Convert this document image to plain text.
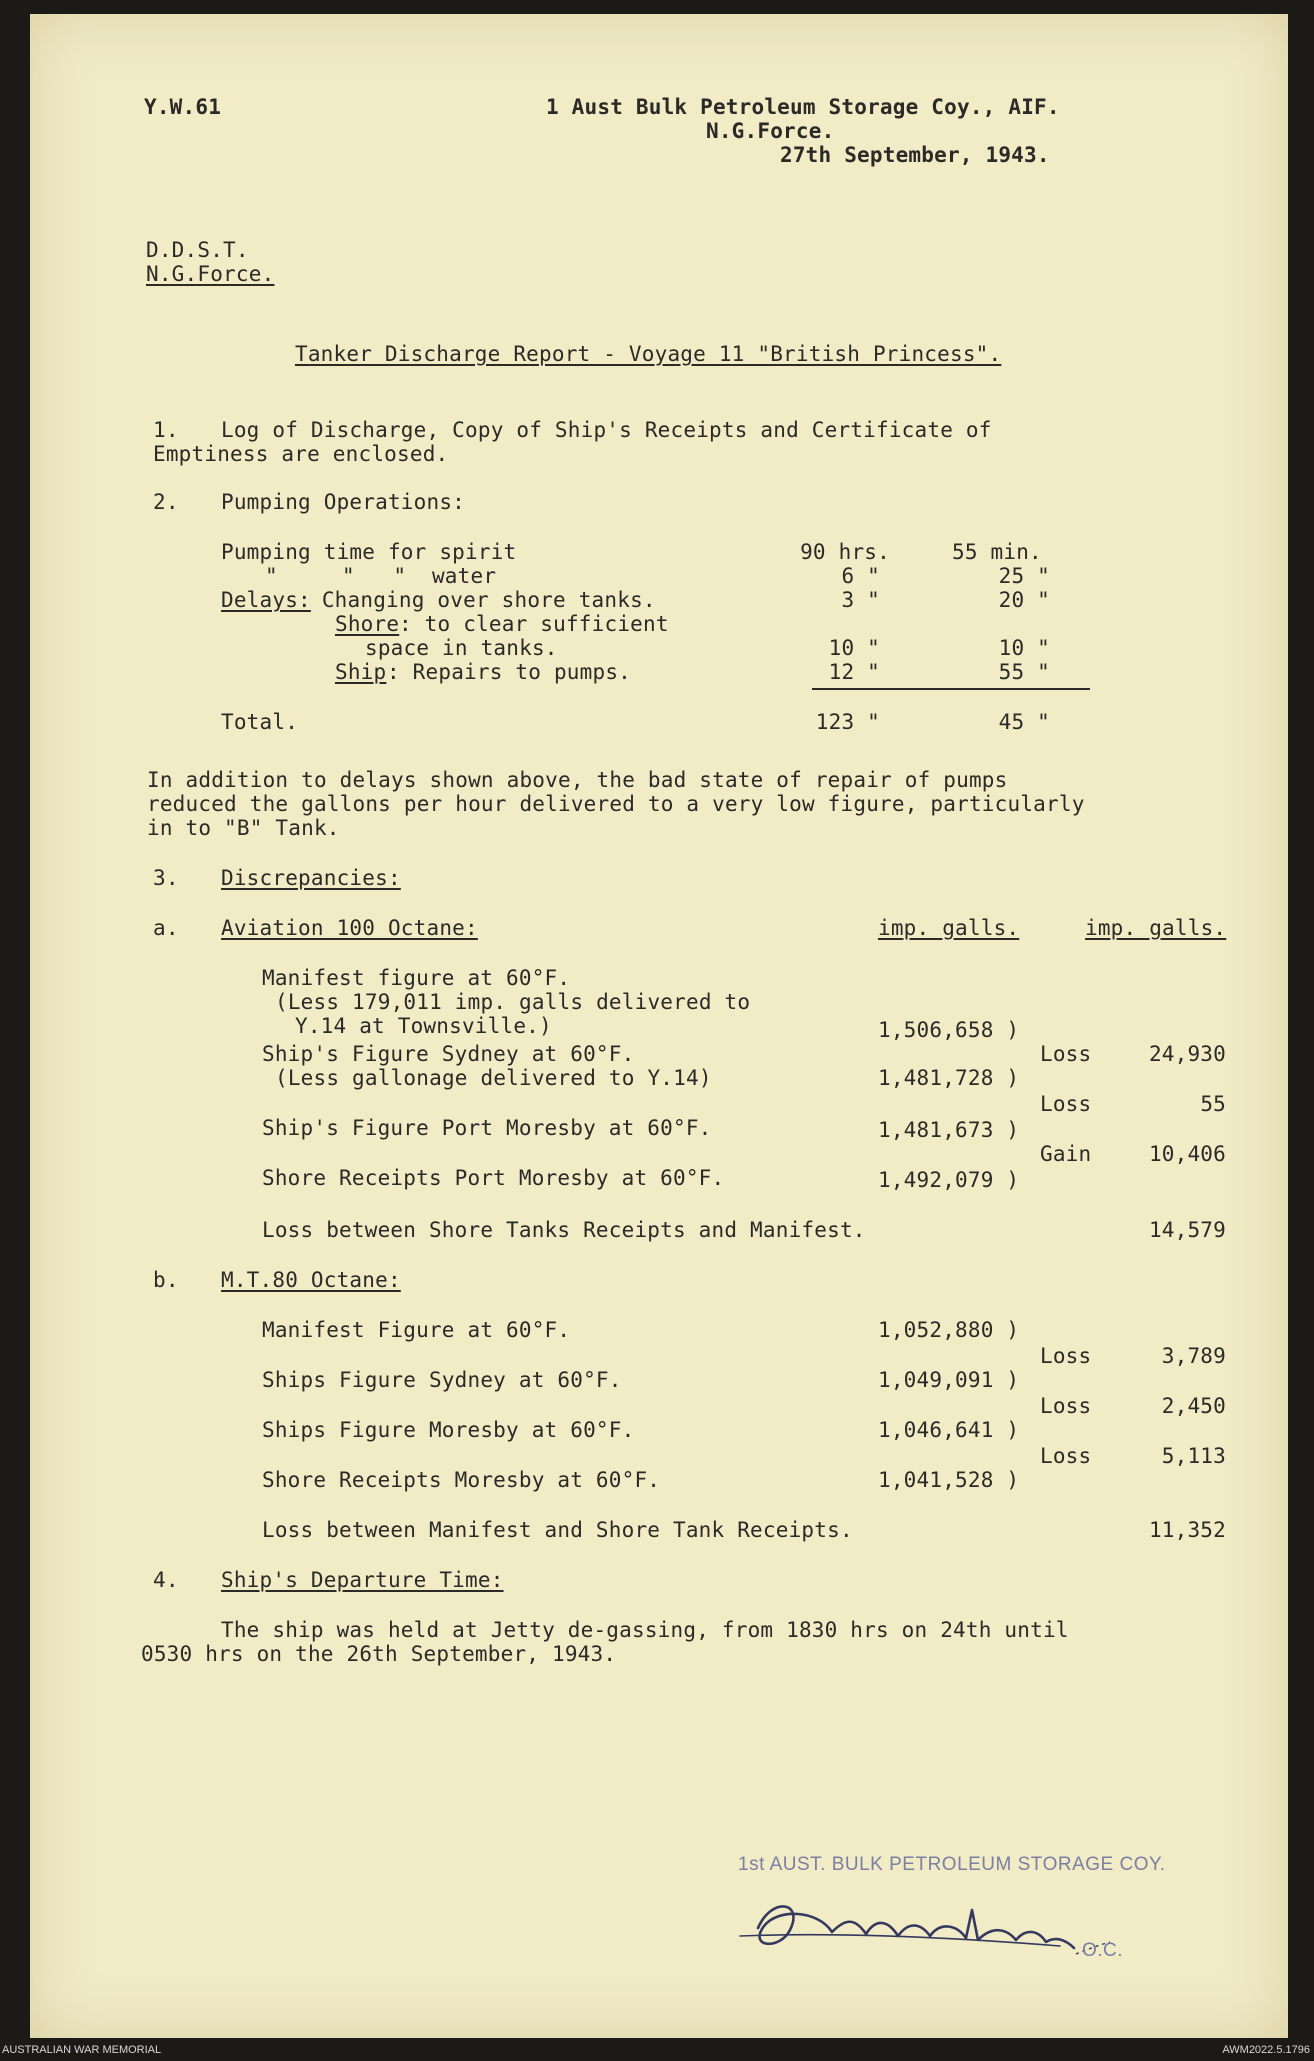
Y.W.61	1 Aust Bulk Petroleum Storage Coy., AIF.
N.G.Force.
27th September, 1943.
D.D.S.T.
N.G.Force.
Tanker Discharge Report - Voyage 11 "British Princess".
1. Log of Discharge, Copy of Ship's Receipts and Certificate of
Emptiness are enclosed.
2. Pumping Operations:
Pumping time for spirit	90 hrs.	55 min.
"     "   "  water	6 "	25 "
Delays:
Changing over shore tanks.	3 "	20 "
Shore : to clear sufficient
space in tanks.	10 "	10 "
Ship : Repairs to pumps.	12 "	55 "
Total.	123 "	45 "
In addition to delays shown above, the bad state of repair of pumps
reduced the gallons per hour delivered to a very low figure, particularly
in to "B" Tank.
3. Discrepancies:
a. Aviation 100 Octane:	imp. galls.	imp. galls.
Manifest figure at 60°F.
(Less 179,011 imp. galls delivered to
Y.14 at Townsville.)	1,506,658 )
Ship's Figure Sydney at 60°F.	Loss	24,930
(Less gallonage delivered to Y.14)	1,481,728 )
Loss	55
Ship's Figure Port Moresby at 60°F.	1,481,673 )
Gain	10,406
Shore Receipts Port Moresby at 60°F.	1,492,079 )
Loss between Shore Tanks Receipts and Manifest.	14,579
b. M.T.80 Octane:
Manifest Figure at 60°F.	1,052,880 )
Loss	3,789
Ships Figure Sydney at 60°F.	1,049,091 )
Loss	2,450
Ships Figure Moresby at 60°F.	1,046,641 )
Loss	5,113
Shore Receipts Moresby at 60°F.	1,041,528 )
Loss between Manifest and Shore Tank Receipts.	11,352
4. Ship's Departure Time:
The ship was held at Jetty de-gassing, from 1830 hrs on 24th until
0530 hrs on the 26th September, 1943.
1st AUST. BULK PETROLEUM STORAGE COY.
O.C.
AUSTRALIAN WAR MEMORIAL	AWM2022.5.1796
